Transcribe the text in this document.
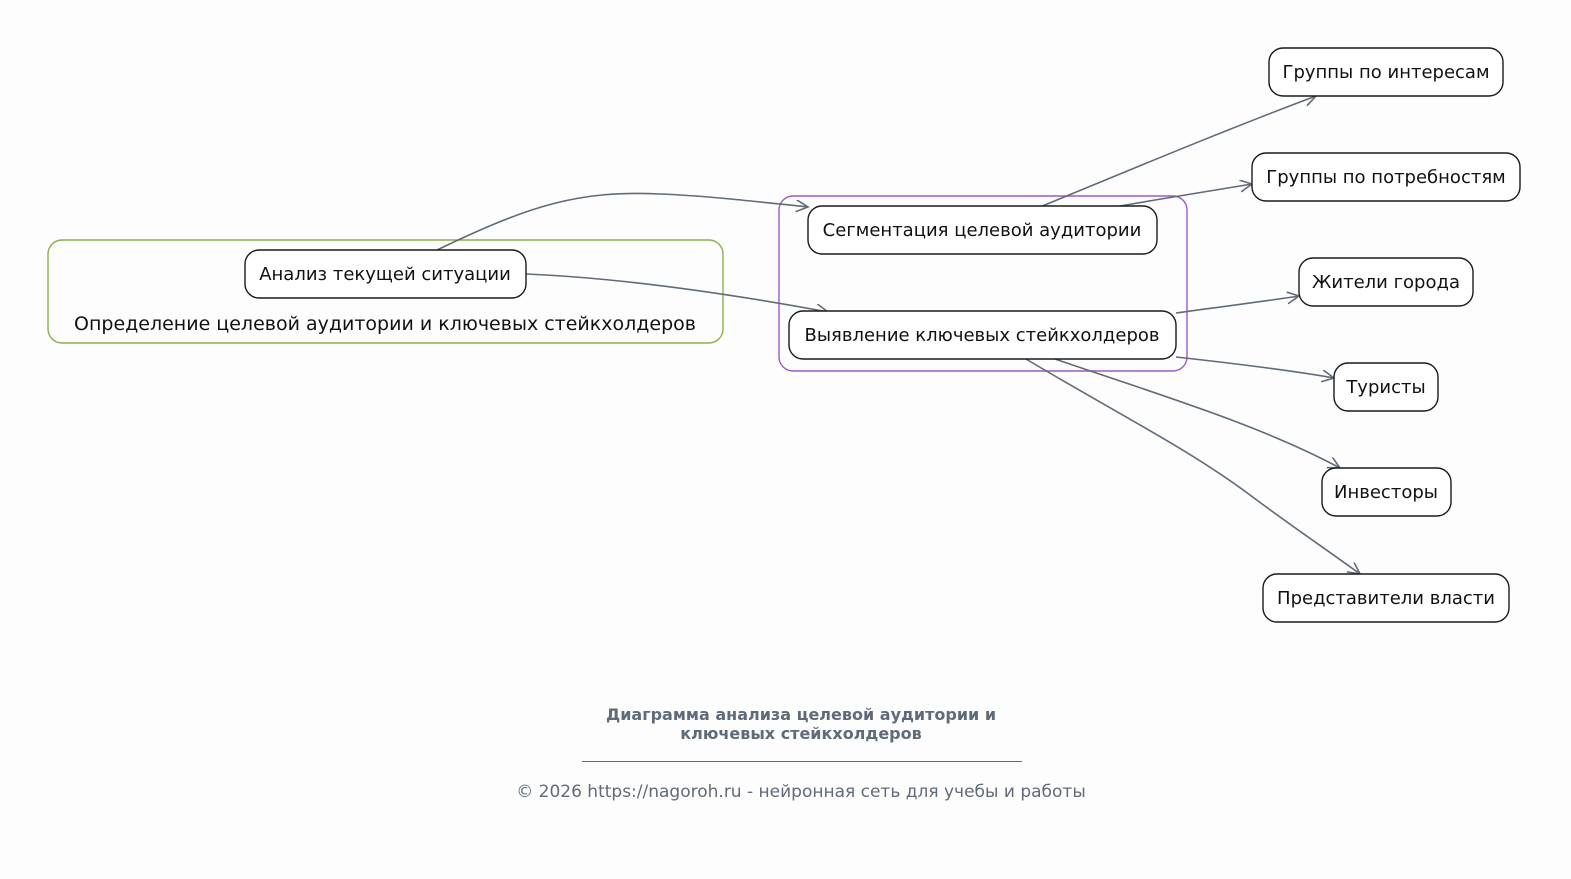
Определение целевой аудитории и ключевых стейкхолдеров
Анализ текущей ситуации
Сегментация целевой аудитории
Выявление ключевых стейкхолдеров
Группы по интересам
Группы по потребностям
Жители города
Туристы
Инвесторы
Представители власти
Диаграмма анализа целевой аудитории и ключевых стейкхолдеров
© 2026 https://nagoroh.ru - нейронная сеть для учебы и работы
